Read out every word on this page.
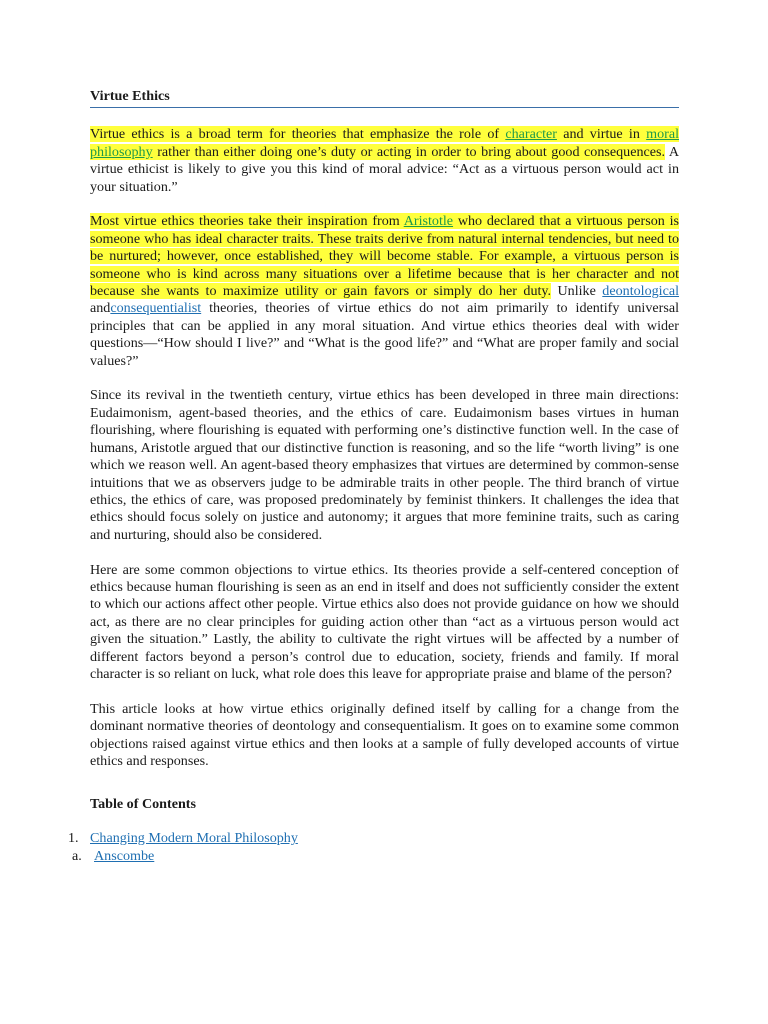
Virtue Ethics

Virtue ethics is a broad term for theories that emphasize the role of character and virtue in moral philosophy rather than either doing one’s duty or acting in order to bring about good consequences. A virtue ethicist is likely to give you this kind of moral advice: “Act as a virtuous person would act in your situation.”

Most virtue ethics theories take their inspiration from Aristotle who declared that a virtuous person is someone who has ideal character traits. These traits derive from natural internal tendencies, but need to be nurtured; however, once established, they will become stable. For example, a virtuous person is someone who is kind across many situations over a lifetime because that is her character and not because she wants to maximize utility or gain favors or simply do her duty. Unlike deontological andconsequentialist theories, theories of virtue ethics do not aim primarily to identify universal principles that can be applied in any moral situation. And virtue ethics theories deal with wider questions—“How should I live?” and “What is the good life?” and “What are proper family and social values?”

Since its revival in the twentieth century, virtue ethics has been developed in three main directions: Eudaimonism, agent-based theories, and the ethics of care. Eudaimonism bases virtues in human flourishing, where flourishing is equated with performing one’s distinctive function well. In the case of humans, Aristotle argued that our distinctive function is reasoning, and so the life “worth living” is one which we reason well. An agent-based theory emphasizes that virtues are determined by common-sense intuitions that we as observers judge to be admirable traits in other people. The third branch of virtue ethics, the ethics of care, was proposed predominately by feminist thinkers. It challenges the idea that ethics should focus solely on justice and autonomy; it argues that more feminine traits, such as caring and nurturing, should also be considered.

Here are some common objections to virtue ethics. Its theories provide a self-centered conception of ethics because human flourishing is seen as an end in itself and does not sufficiently consider the extent to which our actions affect other people. Virtue ethics also does not provide guidance on how we should act, as there are no clear principles for guiding action other than “act as a virtuous person would act given the situation.” Lastly, the ability to cultivate the right virtues will be affected by a number of different factors beyond a person’s control due to education, society, friends and family. If moral character is so reliant on luck, what role does this leave for appropriate praise and blame of the person?

This article looks at how virtue ethics originally defined itself by calling for a change from the dominant normative theories of deontology and consequentialism. It goes on to examine some common objections raised against virtue ethics and then looks at a sample of fully developed accounts of virtue ethics and responses.

Table of Contents

1. Changing Modern Moral Philosophy
a. Anscombe
